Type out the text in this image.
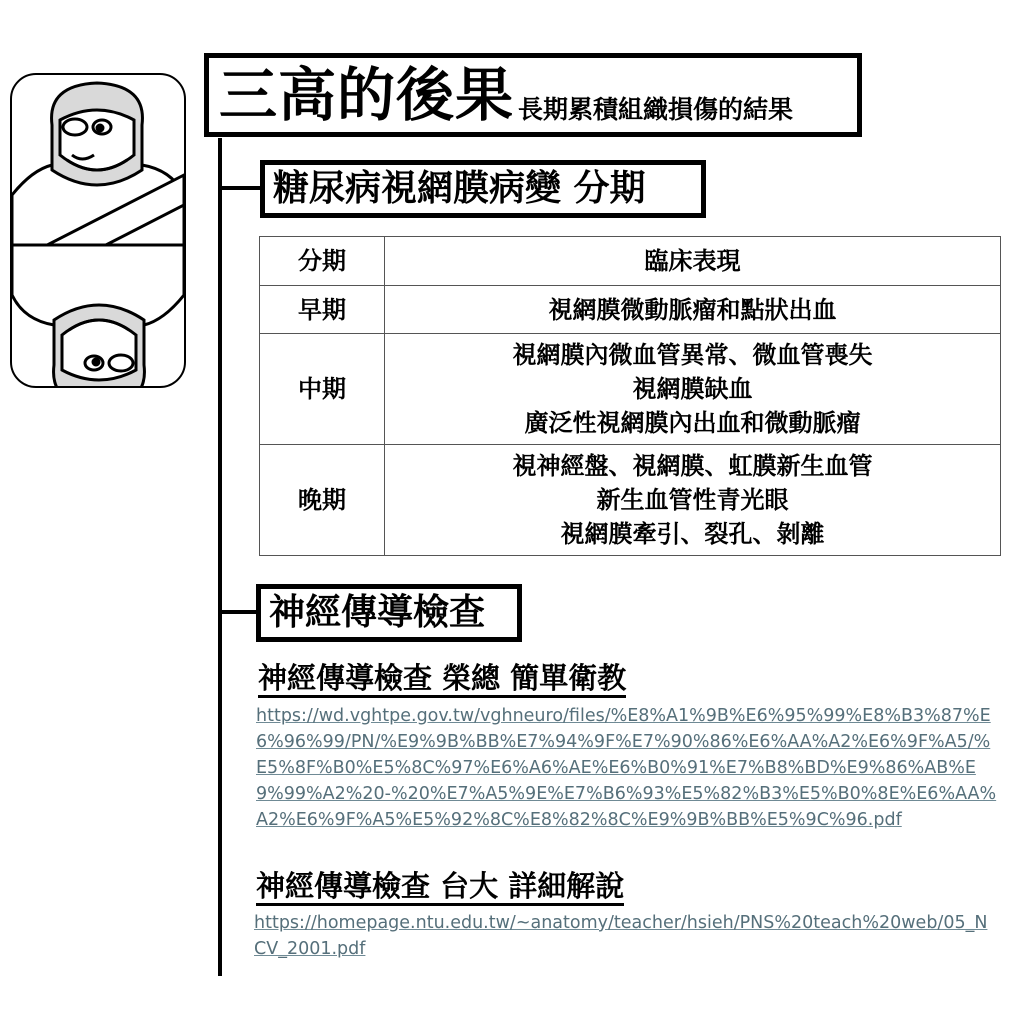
三高的後果 長期累積組織損傷的結果
糖尿病視網膜病變 分期
分期	臨床表現
早期	視網膜微動脈瘤和點狀出血

中期	視網膜內微血管異常、微血管喪失
視網膜缺血
廣泛性視網膜內出血和微動脈瘤

晚期	視神經盤、視網膜、虹膜新生血管
新生血管性青光眼
視網膜牽引、裂孔、剝離
神經傳導檢查
神經傳導檢查 榮總 簡單衛教
https://wd.vghtpe.gov.tw/vghneuro/files/%E8%A1%9B%E6%95%99%E8%B3%87%E6%96%99/PN/%E9%9B%BB%E7%94%9F%E7%90%86%E6%AA%A2%E6%9F%A5/%E5%8F%B0%E5%8C%97%E6%A6%AE%E6%B0%91%E7%B8%BD%E9%86%AB%E9%99%A2%20-%20%E7%A5%9E%E7%B6%93%E5%82%B3%E5%B0%8E%E6%AA%A2%E6%9F%A5%E5%92%8C%E8%82%8C%E9%9B%BB%E5%9C%96.pdf
神經傳導檢查 台大 詳細解說
https://homepage.ntu.edu.tw/~anatomy/teacher/hsieh/PNS%20teach%20web/05_NCV_2001.pdf
